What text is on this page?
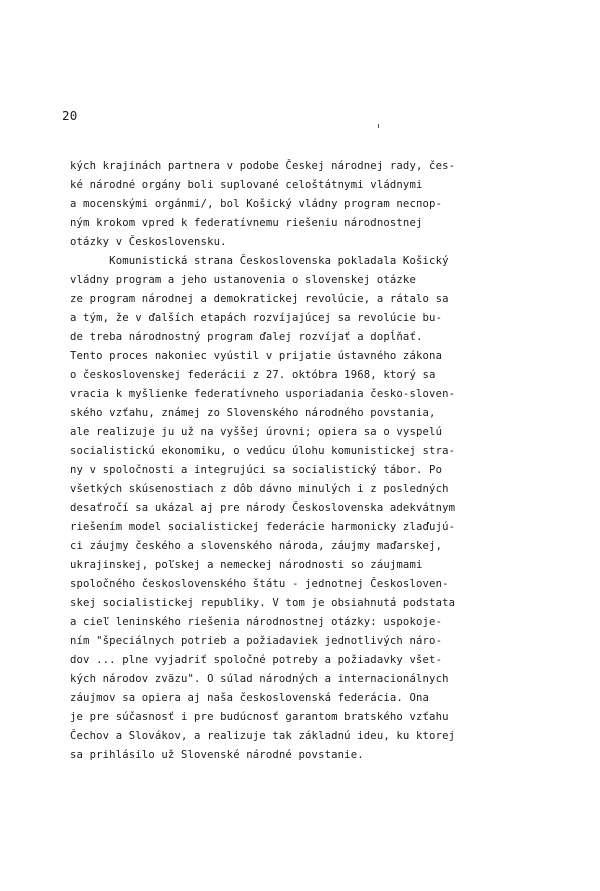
20
kých krajinách partnera v podobe Českej národnej rady, čes-
ké národné orgány boli suplované celoštátnymi vládnymi
a mocenskými orgánmi/, bol Košický vládny program neспор-
ným krokom vpred k federatívnemu riešeniu národnostnej
otázky v Československu.
Komunistická strana Československa pokladala Košický
vládny program a jeho ustanovenia o slovenskej otázke
ze program národnej a demokratickej revolúcie, a rátalo sa
a tým, že v ďalších etapách rozvíjajúcej sa revolúcie bu-
de treba národnostný program ďalej rozvíjať a dopĺňať.
Tento proces nakoniec vyústil v prijatie ústavného zákona
o československej federácii z 27. októbra 1968, ktorý sa
vracia k myšlienke federatívneho usporiadania česko-sloven-
ského vzťahu, známej zo Slovenského národného povstania,
ale realizuje ju už na vyššej úrovni; opiera sa o vyspelú
socialistickú ekonomiku, o vedúcu úlohu komunistickej stra-
ny v spoločnosti a integrujúci sa socialistický tábor. Po
všetkých skúsenostiach z dôb dávno minulých i z posledných
desaťročí sa ukázal aj pre národy Československa adekvátnym
riešením model socialistickej federácie harmonicky zlaďujú-
ci záujmy českého a slovenského národa, záujmy maďarskej,
ukrajinskej, poľskej a nemeckej národnosti so záujmami
spoločného československého štátu - jednotnej Českosloven-
skej socialistickej republiky. V tom je obsiahnutá podstata
a cieľ leninského riešenia národnostnej otázky: uspokoje-
ním "špeciálnych potrieb a požiadaviek jednotlivých náro-
dov ... plne vyjadriť spoločné potreby a požiadavky všet-
kých národov zväzu". O súlad národných a internacionálnych
záujmov sa opiera aj naša československá federácia. Ona
je pre súčasnosť i pre budúcnosť garantom bratského vzťahu
Čechov a Slovákov, a realizuje tak základnú ideu, ku ktorej
sa prihlásilo už Slovenské národné povstanie.
